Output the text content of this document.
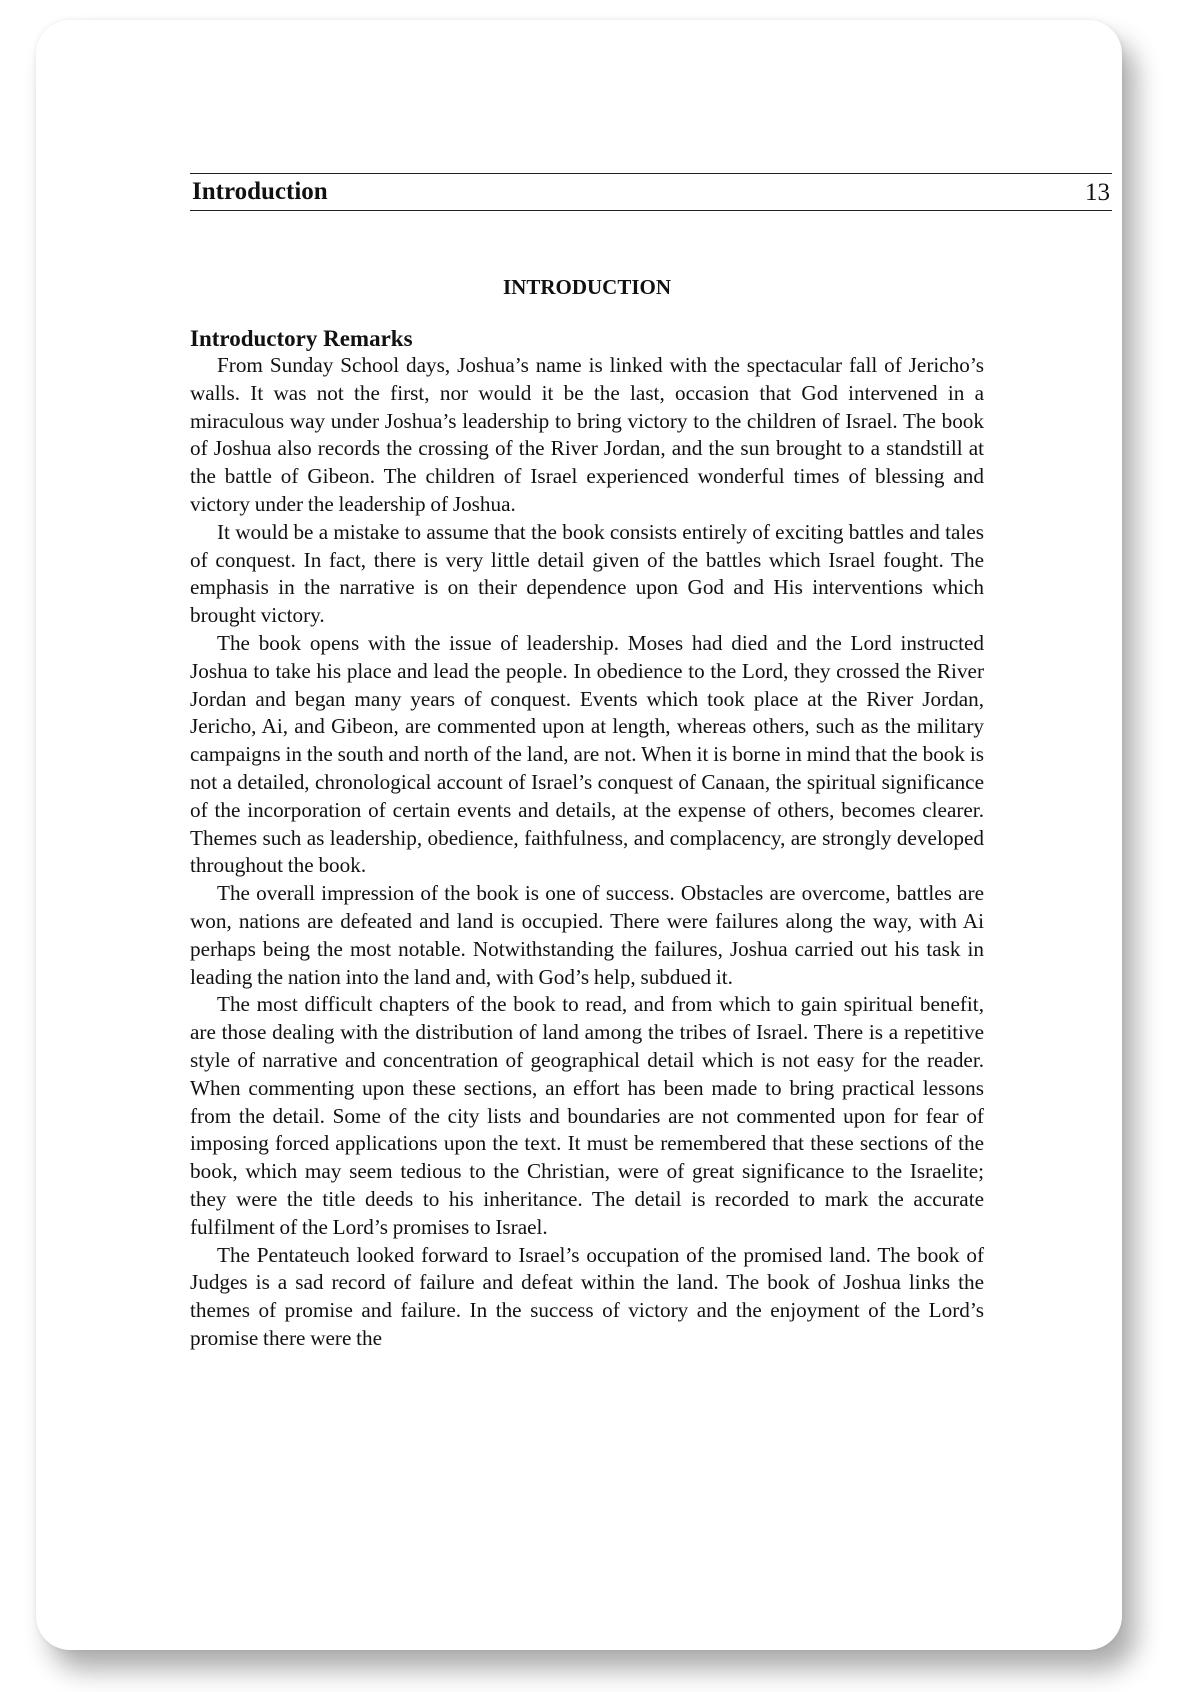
Introduction	13
INTRODUCTION
Introductory Remarks

From Sunday School days, Joshua’s name is linked with the spectacular fall of Jericho’s walls. It was not the first, nor would it be the last, occasion that God intervened in a miraculous way under Joshua’s leadership to bring victory to the children of Israel. The book of Joshua also records the crossing of the River Jordan, and the sun brought to a standstill at the battle of Gibeon. The children of Israel experienced wonderful times of blessing and victory under the leadership of Joshua.

It would be a mistake to assume that the book consists entirely of exciting battles and tales of conquest. In fact, there is very little detail given of the battles which Israel fought. The emphasis in the narrative is on their dependence upon God and His interventions which brought victory.

The book opens with the issue of leadership. Moses had died and the Lord instructed Joshua to take his place and lead the people. In obedience to the Lord, they crossed the River Jordan and began many years of conquest. Events which took place at the River Jordan, Jericho, Ai, and Gibeon, are commented upon at length, whereas others, such as the military campaigns in the south and north of the land, are not. When it is borne in mind that the book is not a detailed, chronological account of Israel’s conquest of Canaan, the spiritual significance of the incorporation of certain events and details, at the expense of others, becomes clearer. Themes such as leadership, obedience, faithfulness, and complacency, are strongly developed throughout the book.

The overall impression of the book is one of success. Obstacles are overcome, battles are won, nations are defeated and land is occupied. There were failures along the way, with Ai perhaps being the most notable. Notwithstanding the failures, Joshua carried out his task in leading the nation into the land and, with God’s help, subdued it.

The most difficult chapters of the book to read, and from which to gain spiritual benefit, are those dealing with the distribution of land among the tribes of Israel. There is a repetitive style of narrative and concentration of geographical detail which is not easy for the reader. When commenting upon these sections, an effort has been made to bring practical lessons from the detail. Some of the city lists and boundaries are not commented upon for fear of imposing forced applications upon the text. It must be remembered that these sections of the book, which may seem tedious to the Christian, were of great significance to the Israelite; they were the title deeds to his inheritance. The detail is recorded to mark the accurate fulfilment of the Lord’s promises to Israel.

The Pentateuch looked forward to Israel’s occupation of the promised land. The book of Judges is a sad record of failure and defeat within the land. The book of Joshua links the themes of promise and failure. In the success of victory and the enjoyment of the Lord’s promise there were the
